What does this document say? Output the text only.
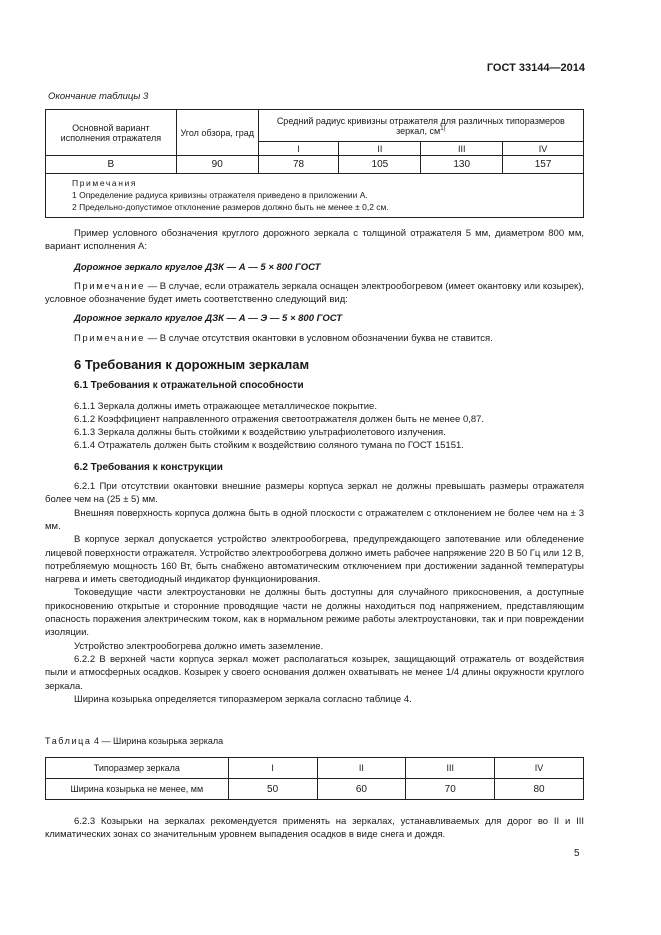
ГОСТ 33144—2014
Окончание таблицы 3
Основной вариант исполнения отражателя	Угол обзора, град	Средний радиус кривизны отражателя для различных типоразмеров зеркал, $см^{1)}$
		I	II	III	IV
В	90	78	105	130	157

Примечания
1 Определение радиуса кривизны отражателя приведено в приложении А.
2 Предельно-допустимое отклонение размеров должно быть не менее ± 0,2 см.					

Пример условного обозначения круглого дорожного зеркала с толщиной отражателя 5 мм, диаметром 800 мм, вариант исполнения А:

Дорожное зеркало круглое ДЗК — А — 5 × 800 ГОСТ

Примечание — В случае, если отражатель зеркала оснащен электрообогревом (имеет окантовку или козырек), условное обозначение будет иметь соответственно следующий вид:

Дорожное зеркало круглое ДЗК — А — Э — 5 × 800 ГОСТ

Примечание — В случае отсутствия окантовки в условном обозначении буква не ставится.

6 Требования к дорожным зеркалам

6.1 Требования к отражательной способности

6.1.1 Зеркала должны иметь отражающее металлическое покрытие.

6.1.2 Коэффициент направленного отражения светоотражателя должен быть не менее 0,87.

6.1.3 Зеркала должны быть стойкими к воздействию ультрафиолетового излучения.

6.1.4 Отражатель должен быть стойким к воздействию соляного тумана по ГОСТ 15151.

6.2 Требования к конструкции

6.2.1 При отсутствии окантовки внешние размеры корпуса зеркал не должны превышать размеры отражателя более чем на (25 ± 5) мм.

Внешняя поверхность корпуса должна быть в одной плоскости с отражателем с отклонением не более чем на ± 3 мм.

В корпусе зеркал допускается устройство электрообогрева, предупреждающего запотевание или обледенение лицевой поверхности отражателя. Устройство электрообогрева должно иметь рабочее напряжение 220 В 50 Гц или 12 В, потребляемую мощность 160 Вт, быть снабжено автоматическим отключением при достижении заданной температуры нагрева и иметь светодиодный индикатор функционирования.

Токоведущие части электроустановки не должны быть доступны для случайного прикосновения, а доступные прикосновению открытые и сторонние проводящие части не должны находиться под напряжением, представляющим опасность поражения электрическим током, как в нормальном режиме работы электроустановки, так и при повреждении изоляции.

Устройство электрообогрева должно иметь заземление.

6.2.2 В верхней части корпуса зеркал может располагаться козырек, защищающий отражатель от воздействия пыли и атмосферных осадков. Козырек у своего основания должен охватывать не менее 1/4 длины окружности круглого зеркала.

Ширина козырька определяется типоразмером зеркала согласно таблице 4.

Таблица 4 — Ширина козырька зеркала
Типоразмер зеркала	I	II	III	IV
Ширина козырька не менее, мм	50	60	70	80

6.2.3 Козырьки на зеркалах рекомендуется применять на зеркалах, устанавливаемых для дорог во II и III климатических зонах со значительным уровнем выпадения осадков в виде снега и дождя.

5
